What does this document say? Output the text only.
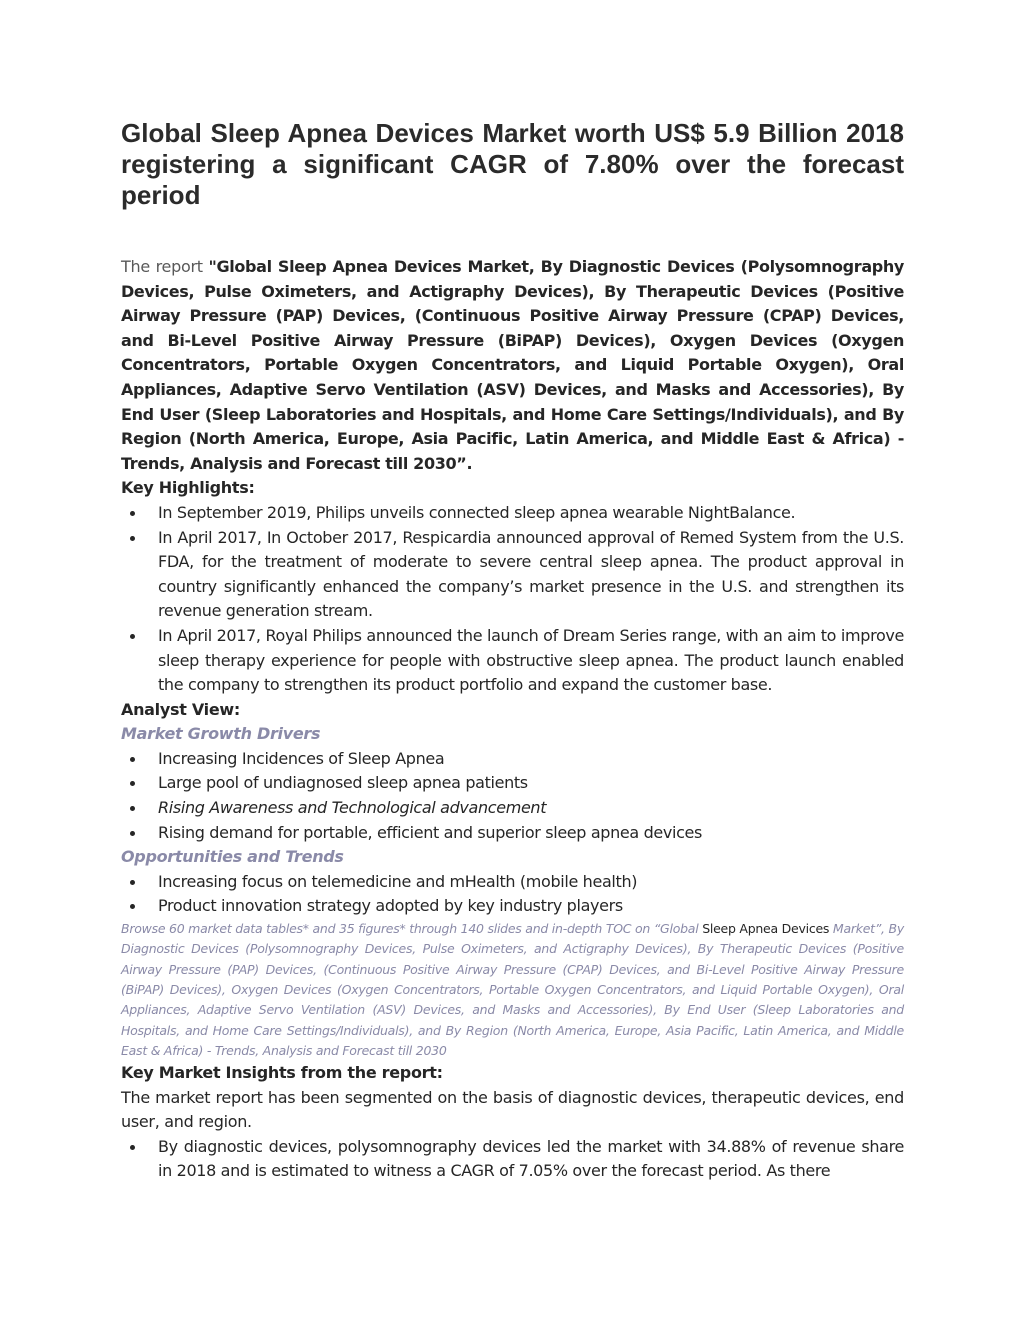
Global Sleep Apnea Devices Market worth US$ 5.9 Billion 2018 registering a significant CAGR of 7.80% over the forecast period

The report "Global Sleep Apnea Devices Market, By Diagnostic Devices (Polysomnography Devices, Pulse Oximeters, and Actigraphy Devices), By Therapeutic Devices (Positive Airway Pressure (PAP) Devices, (Continuous Positive Airway Pressure (CPAP) Devices, and Bi-Level Positive Airway Pressure (BiPAP) Devices), Oxygen Devices (Oxygen Concentrators, Portable Oxygen Concentrators, and Liquid Portable Oxygen), Oral Appliances, Adaptive Servo Ventilation (ASV) Devices, and Masks and Accessories), By End User (Sleep Laboratories and Hospitals, and Home Care Settings/Individuals), and By Region (North America, Europe, Asia Pacific, Latin America, and Middle East & Africa) - Trends, Analysis and Forecast till 2030”.

Key Highlights:

In September 2019, Philips unveils connected sleep apnea wearable NightBalance.
In April 2017, In October 2017, Respicardia announced approval of Remed System from the U.S. FDA, for the treatment of moderate to severe central sleep apnea. The product approval in country significantly enhanced the company’s market presence in the U.S. and strengthen its revenue generation stream.
In April 2017, Royal Philips announced the launch of Dream Series range, with an aim to improve sleep therapy experience for people with obstructive sleep apnea. The product launch enabled the company to strengthen its product portfolio and expand the customer base.

Analyst View:

Market Growth Drivers

Increasing Incidences of Sleep Apnea
Large pool of undiagnosed sleep apnea patients
Rising Awareness and Technological advancement
Rising demand for portable, efficient and superior sleep apnea devices

Opportunities and Trends

Increasing focus on telemedicine and mHealth (mobile health)
Product innovation strategy adopted by key industry players

Browse 60 market data tables* and 35 figures* through 140 slides and in-depth TOC on “Global Sleep Apnea Devices Market”, By Diagnostic Devices (Polysomnography Devices, Pulse Oximeters, and Actigraphy Devices), By Therapeutic Devices (Positive Airway Pressure (PAP) Devices, (Continuous Positive Airway Pressure (CPAP) Devices, and Bi-Level Positive Airway Pressure (BiPAP) Devices), Oxygen Devices (Oxygen Concentrators, Portable Oxygen Concentrators, and Liquid Portable Oxygen), Oral Appliances, Adaptive Servo Ventilation (ASV) Devices, and Masks and Accessories), By End User (Sleep Laboratories and Hospitals, and Home Care Settings/Individuals), and By Region (North America, Europe, Asia Pacific, Latin America, and Middle East & Africa) - Trends, Analysis and Forecast till 2030

Key Market Insights from the report:

The market report has been segmented on the basis of diagnostic devices, therapeutic devices, end user, and region.

By diagnostic devices, polysomnography devices led the market with 34.88% of revenue share in 2018 and is estimated to witness a CAGR of 7.05% over the forecast period. As there
